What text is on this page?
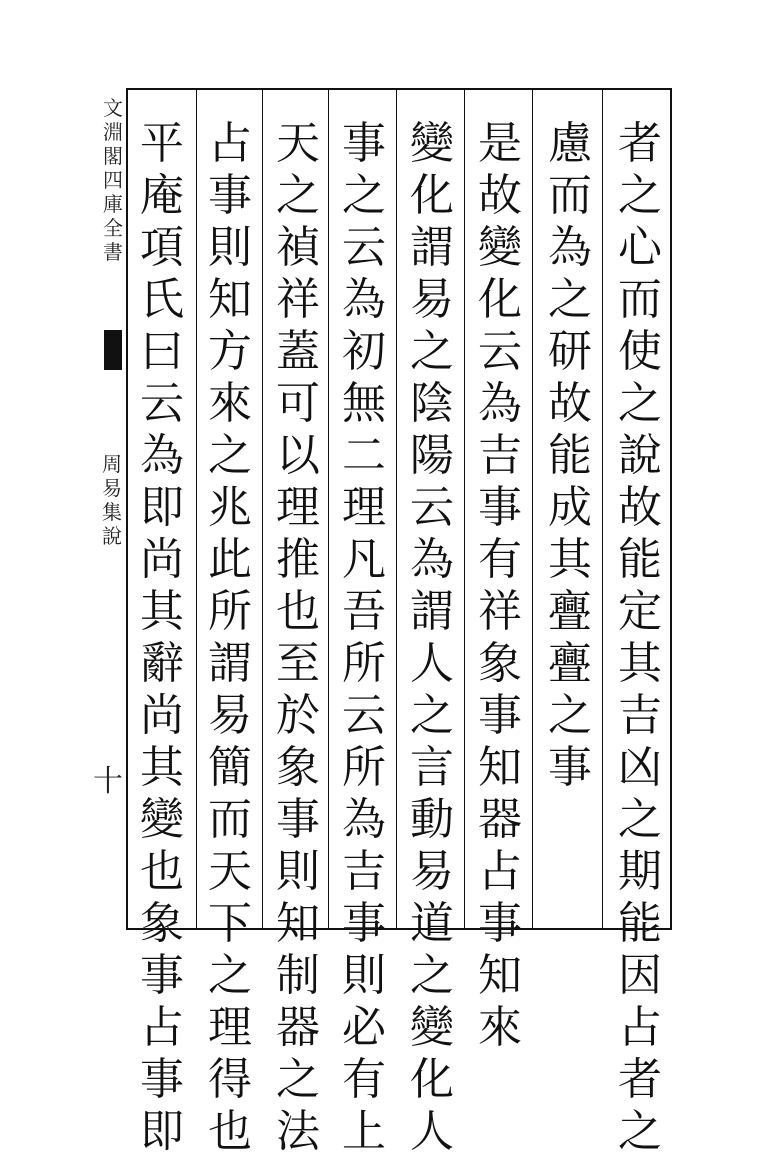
文
淵
閣
四
庫
全
書
周
易
集
說
十
者
之
心
而
使
之
說
故
能
定
其
吉
凶
之
期
能
因
占
者
之
慮
而
為
之
研
故
能
成
其
亹
亹
之
事
是
故
變
化
云
為
吉
事
有
祥
象
事
知
器
占
事
知
來
變
化
謂
易
之
陰
陽
云
為
謂
人
之
言
動
易
道
之
變
化
人
事
之
云
為
初
無
二
理
凡
吾
所
云
所
為
吉
事
則
必
有
上
天
之
禎
祥
蓋
可
以
理
推
也
至
於
象
事
則
知
制
器
之
法
占
事
則
知
方
來
之
兆
此
所
謂
易
簡
而
天
下
之
理
得
也
平
庵
項
氏
曰
云
為
即
尚
其
辭
尚
其
變
也
象
事
占
事
即
